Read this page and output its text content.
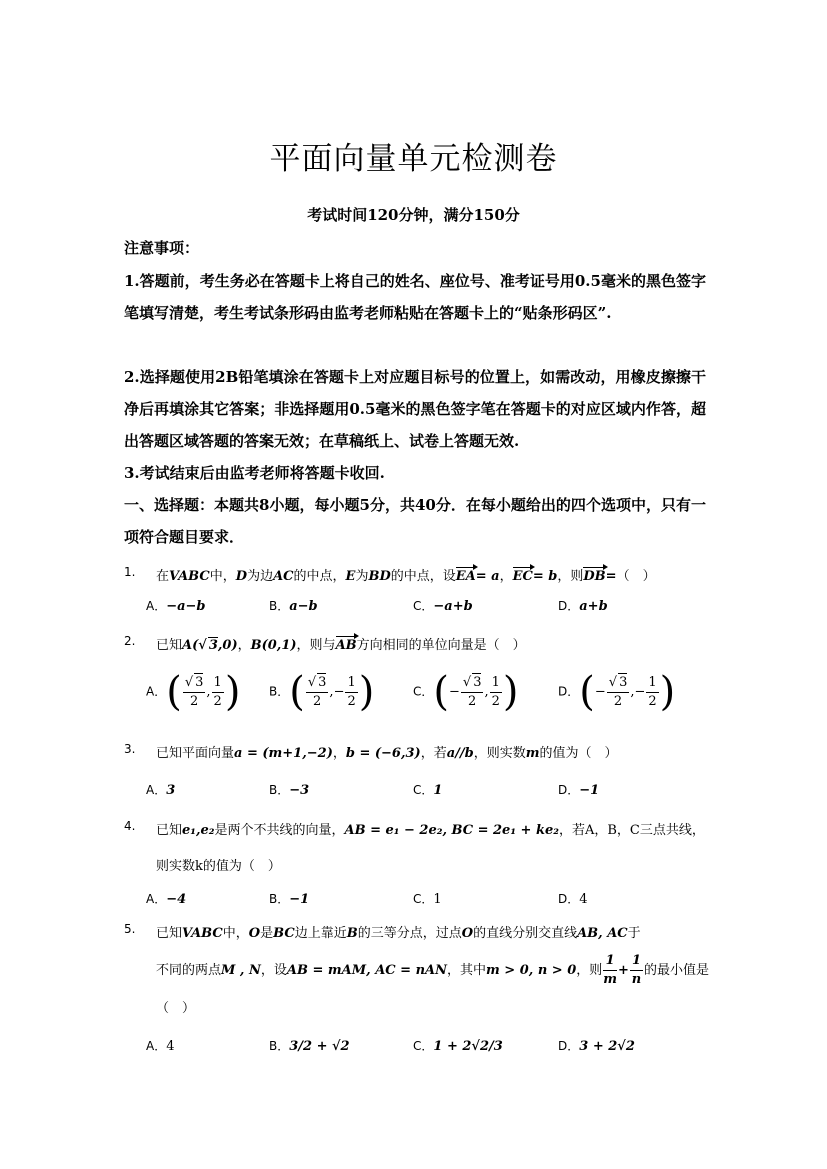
平面向量单元检测卷
考试时间120分钟，满分150分
注意事项：
1.答题前，考生务必在答题卡上将自己的姓名、座位号、准考证号用0.5毫米的黑色签字笔填写清楚，考生考试条形码由监考老师粘贴在答题卡上的“贴条形码区”.
2.选择题使用2B铅笔填涂在答题卡上对应题目标号的位置上，如需改动，用橡皮擦擦干净后再填涂其它答案；非选择题用0.5毫米的黑色签字笔在答题卡的对应区域内作答，超出答题区域答题的答案无效；在草稿纸上、试卷上答题无效.
3.考试结束后由监考老师将答题卡收回.
一、选择题：本题共8小题，每小题5分，共40分．在每小题给出的四个选项中，只有一项符合题目要求．
1. 在VABC中，D为边AC的中点，E为BD的中点，设EA= a，EC= b，则DB=（　）
A．−a−b	B．a−b	C．−a+b	D．a+b
2. 已知A(√ 3,0)，B(0,1)，则与AB方向相同的单位向量是（　）
A．( $\frac{√ 3}{2}$ , $\frac{1}{2}$ ) B．( $\frac{√ 3}{2}$ ,− $\frac{1}{2}$ )	C．(− $\frac{√ 3}{2}$ , $\frac{1}{2}$ )	D．(− $\frac{√ 3}{2}$ ,− $\frac{1}{2}$ )
3. 已知平面向量a = (m+1,−2)，b = (−6,3)，若a//b，则实数m的值为（　）
A．3	B．−3	C．1	D．−1
4. 已知e₁,e₂是两个不共线的向量，AB = e₁ − 2e₂, BC = 2e₁ + ke₂，若A，B，C三点共线，
则实数k的值为（　）
A．−4	B．−1	C．1	D．4
5. 已知VABC中，O是BC边上靠近B的三等分点，过点O的直线分别交直线AB, AC于
不同的两点M , N，设AB = mAM, AC = nAN，其中m > 0, n > 0，则 $\frac{1}{m} + \frac{1}{n}$ 的最小值是
（　）
A．4	B．3/2 + √2	C．1 + 2√2/3	D．3 + 2√2
